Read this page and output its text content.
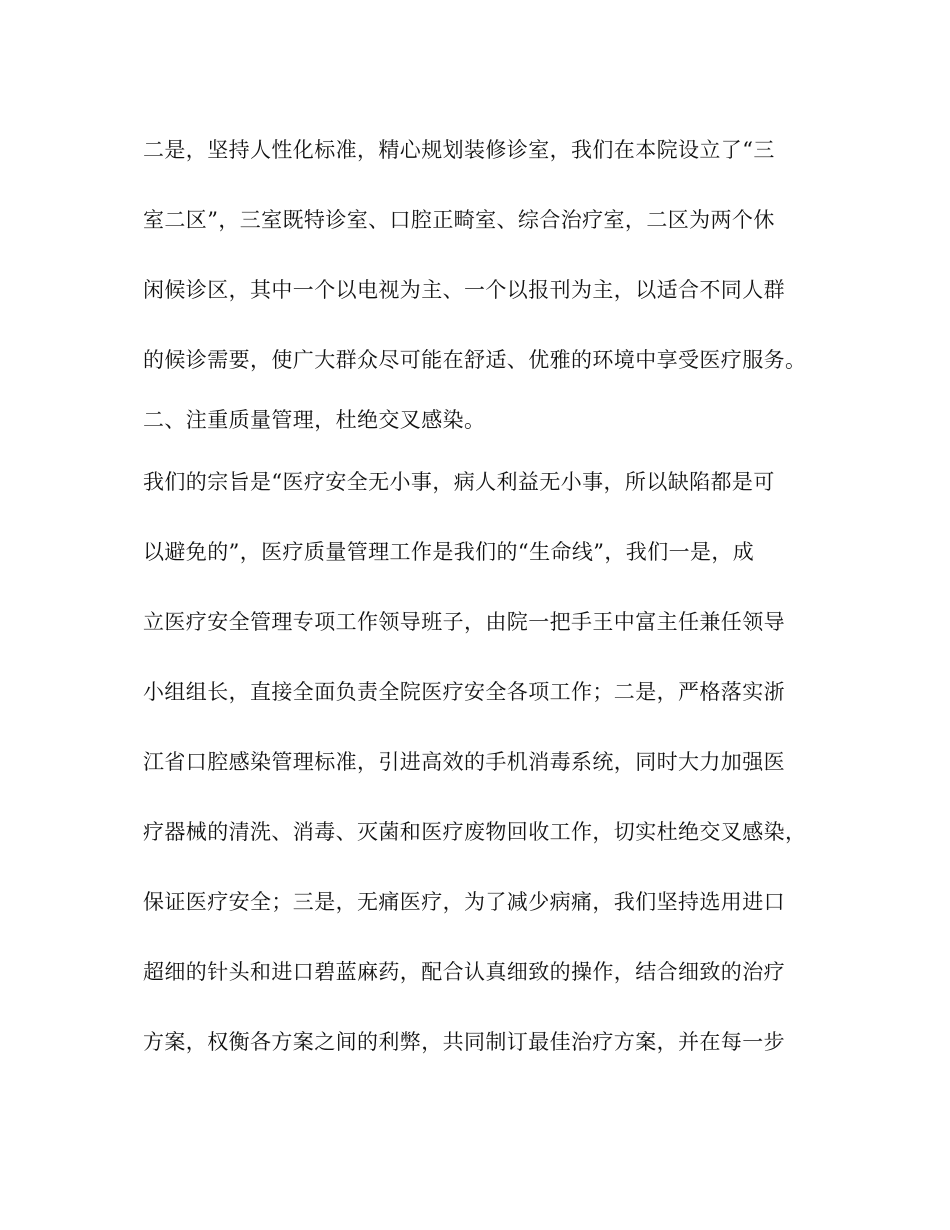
二是，坚持人性化标准，精心规划装修诊室，我们在本院设立了“三

室二区”，三室既特诊室、口腔正畸室、综合治疗室，二区为两个休

闲候诊区，其中一个以电视为主、一个以报刊为主，以适合不同人群

的候诊需要，使广大群众尽可能在舒适、优雅的环境中享受医疗服务。

二、注重质量管理，杜绝交叉感染。

我们的宗旨是“医疗安全无小事，病人利益无小事，所以缺陷都是可

以避免的”，医疗质量管理工作是我们的“生命线”，我们一是，成

立医疗安全管理专项工作领导班子，由院一把手王中富主任兼任领导

小组组长，直接全面负责全院医疗安全各项工作；二是，严格落实浙

江省口腔感染管理标准，引进高效的手机消毒系统，同时大力加强医

疗器械的清洗、消毒、灭菌和医疗废物回收工作，切实杜绝交叉感染，

保证医疗安全；三是，无痛医疗，为了减少病痛，我们坚持选用进口

超细的针头和进口碧蓝麻药，配合认真细致的操作，结合细致的治疗

方案，权衡各方案之间的利弊，共同制订最佳治疗方案，并在每一步
